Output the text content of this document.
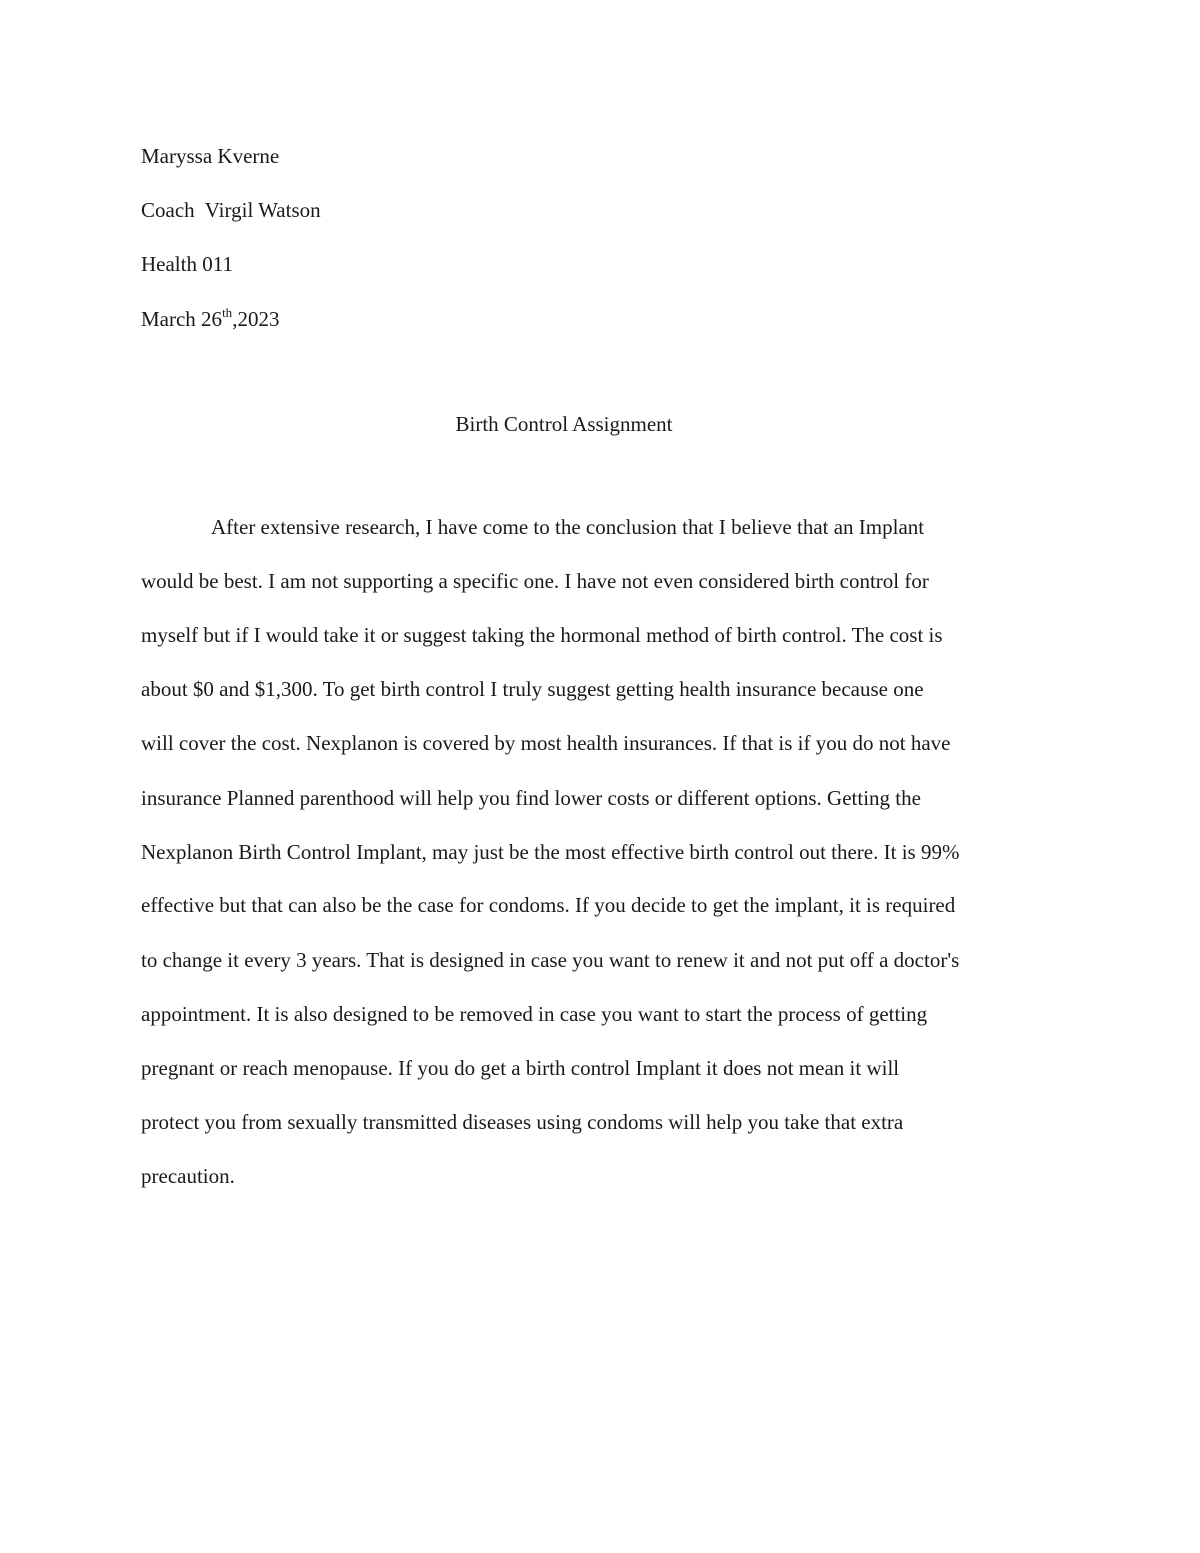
Maryssa Kverne
Coach  Virgil Watson
Health 011
March 26th,2023
Birth Control Assignment
After extensive research, I have come to the conclusion that I believe that an Implant
would be best. I am not supporting a specific one. I have not even considered birth control for
myself but if I would take it or suggest taking the hormonal method of birth control. The cost is
about $0 and $1,300. To get birth control I truly suggest getting health insurance because one
will cover the cost. Nexplanon is covered by most health insurances. If that is if you do not have
insurance Planned parenthood will help you find lower costs or different options. Getting the
Nexplanon Birth Control Implant, may just be the most effective birth control out there. It is 99%
effective but that can also be the case for condoms. If you decide to get the implant, it is required
to change it every 3 years. That is designed in case you want to renew it and not put off a doctor's
appointment. It is also designed to be removed in case you want to start the process of getting
pregnant or reach menopause. If you do get a birth control Implant it does not mean it will
protect you from sexually transmitted diseases using condoms will help you take that extra
precaution.
